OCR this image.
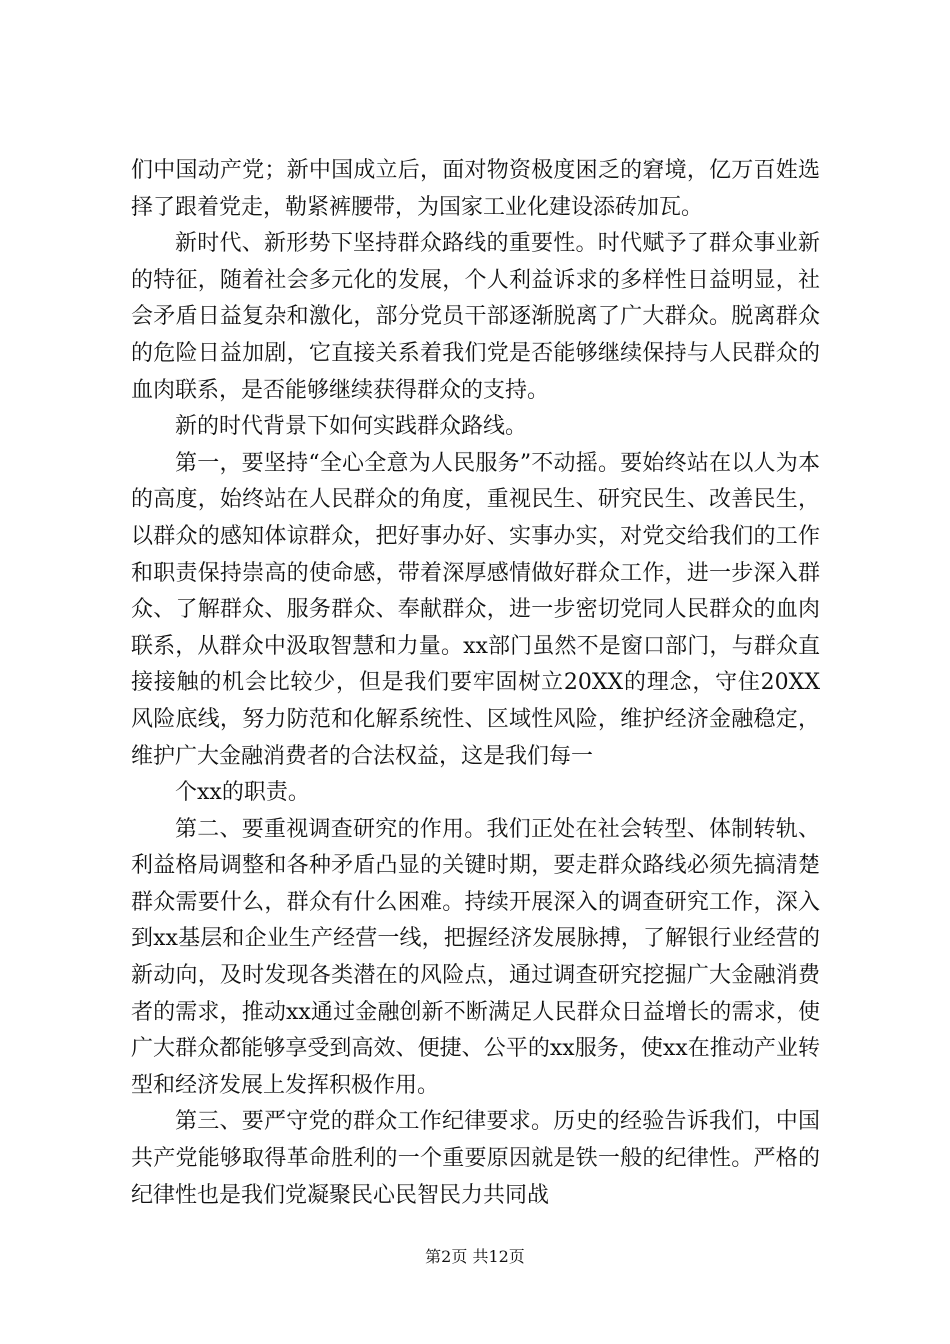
们中国动产党；新中国成立后，面对物资极度困乏的窘境，亿万百姓选择了跟着党走，勒紧裤腰带，为国家工业化建设添砖加瓦。

新时代、新形势下坚持群众路线的重要性。时代赋予了群众事业新的特征，随着社会多元化的发展，个人利益诉求的多样性日益明显，社会矛盾日益复杂和激化，部分党员干部逐渐脱离了广大群众。脱离群众的危险日益加剧，它直接关系着我们党是否能够继续保持与人民群众的血肉联系，是否能够继续获得群众的支持。

新的时代背景下如何实践群众路线。

第一，要坚持“全心全意为人民服务”不动摇。要始终站在以人为本的高度，始终站在人民群众的角度，重视民生、研究民生、改善民生，以群众的感知体谅群众，把好事办好、实事办实，对党交给我们的工作和职责保持崇高的使命感，带着深厚感情做好群众工作，进一步深入群众、了解群众、服务群众、奉献群众，进一步密切党同人民群众的血肉联系，从群众中汲取智慧和力量。xx部门虽然不是窗口部门，与群众直接接触的机会比较少，但是我们要牢固树立20XX的理念，守住20XX风险底线，努力防范和化解系统性、区域性风险，维护经济金融稳定，维护广大金融消费者的合法权益，这是我们每一

个xx的职责。

第二、要重视调查研究的作用。我们正处在社会转型、体制转轨、利益格局调整和各种矛盾凸显的关键时期，要走群众路线必须先搞清楚群众需要什么，群众有什么困难。持续开展深入的调查研究工作，深入到xx基层和企业生产经营一线，把握经济发展脉搏，了解银行业经营的新动向，及时发现各类潜在的风险点，通过调查研究挖掘广大金融消费者的需求，推动xx通过金融创新不断满足人民群众日益增长的需求，使广大群众都能够享受到高效、便捷、公平的xx服务，使xx在推动产业转型和经济发展上发挥积极作用。

第三、要严守党的群众工作纪律要求。历史的经验告诉我们，中国共产党能够取得革命胜利的一个重要原因就是铁一般的纪律性。严格的纪律性也是我们党凝聚民心民智民力共同战

第2页 共12页
